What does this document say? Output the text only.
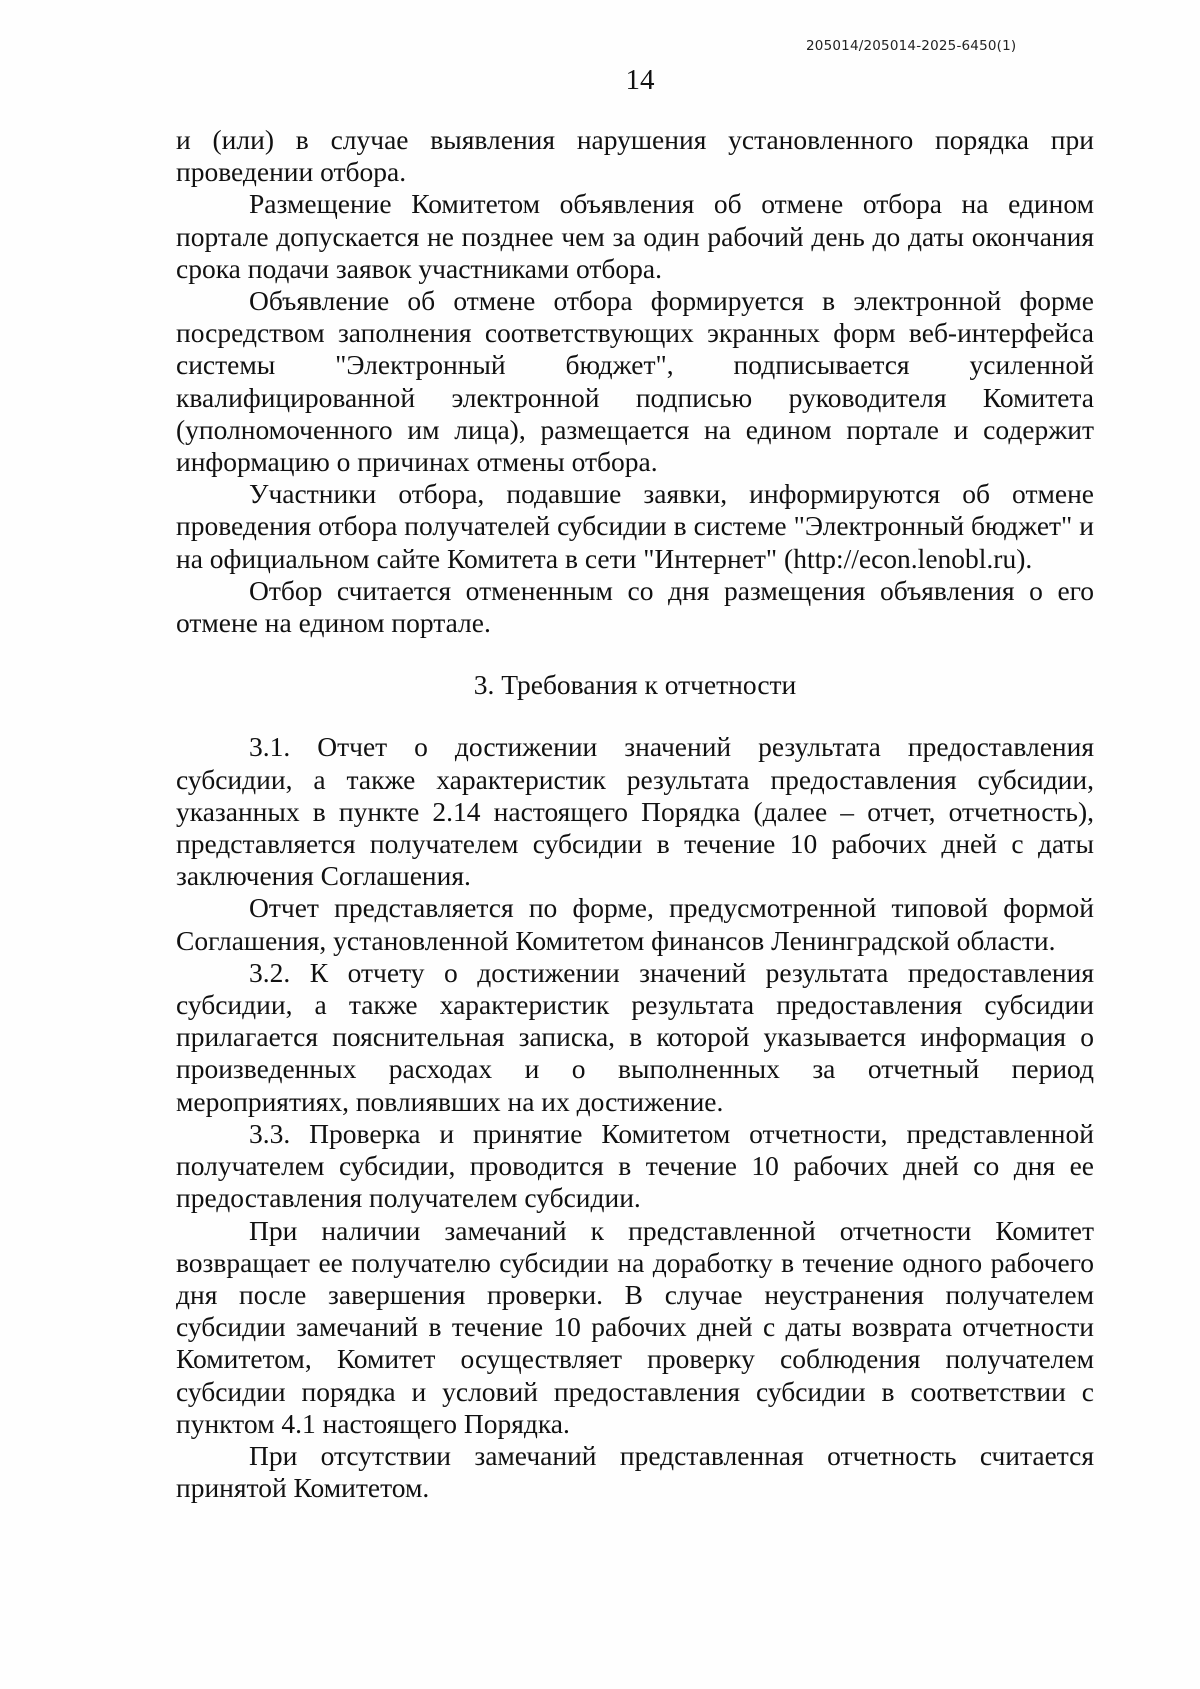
205014/205014-2025-6450(1)
14

и (или) в случае выявления нарушения установленного порядка при проведении отбора.

Размещение Комитетом объявления об отмене отбора на едином портале допускается не позднее чем за один рабочий день до даты окончания срока подачи заявок участниками отбора.

Объявление об отмене отбора формируется в электронной форме посредством заполнения соответствующих экранных форм веб-интерфейса системы "Электронный бюджет", подписывается усиленной квалифицированной электронной подписью руководителя Комитета (уполномоченного им лица), размещается на едином портале и содержит информацию о причинах отмены отбора.

Участники отбора, подавшие заявки, информируются об отмене проведения отбора получателей субсидии в системе "Электронный бюджет" и на официальном сайте Комитета в сети "Интернет" (http://econ.lenobl.ru).

Отбор считается отмененным со дня размещения объявления о его отмене на едином портале.

3. Требования к отчетности

3.1. Отчет о достижении значений результата предоставления субсидии, а также характеристик результата предоставления субсидии, указанных в пункте 2.14 настоящего Порядка (далее – отчет, отчетность), представляется получателем субсидии в течение 10 рабочих дней с даты заключения Соглашения.

Отчет представляется по форме, предусмотренной типовой формой Соглашения, установленной Комитетом финансов Ленинградской области.

3.2. К отчету о достижении значений результата предоставления субсидии, а также характеристик результата предоставления субсидии прилагается пояснительная записка, в которой указывается информация о произведенных расходах и о выполненных за отчетный период мероприятиях, повлиявших на их достижение.

3.3. Проверка и принятие Комитетом отчетности, представленной получателем субсидии, проводится в течение 10 рабочих дней со дня ее предоставления получателем субсидии.

При наличии замечаний к представленной отчетности Комитет возвращает ее получателю субсидии на доработку в течение одного рабочего дня после завершения проверки. В случае неустранения получателем субсидии замечаний в течение 10 рабочих дней с даты возврата отчетности Комитетом, Комитет осуществляет проверку соблюдения получателем субсидии порядка и условий предоставления субсидии в соответствии с пунктом 4.1 настоящего Порядка.

При отсутствии замечаний представленная отчетность считается принятой Комитетом.
